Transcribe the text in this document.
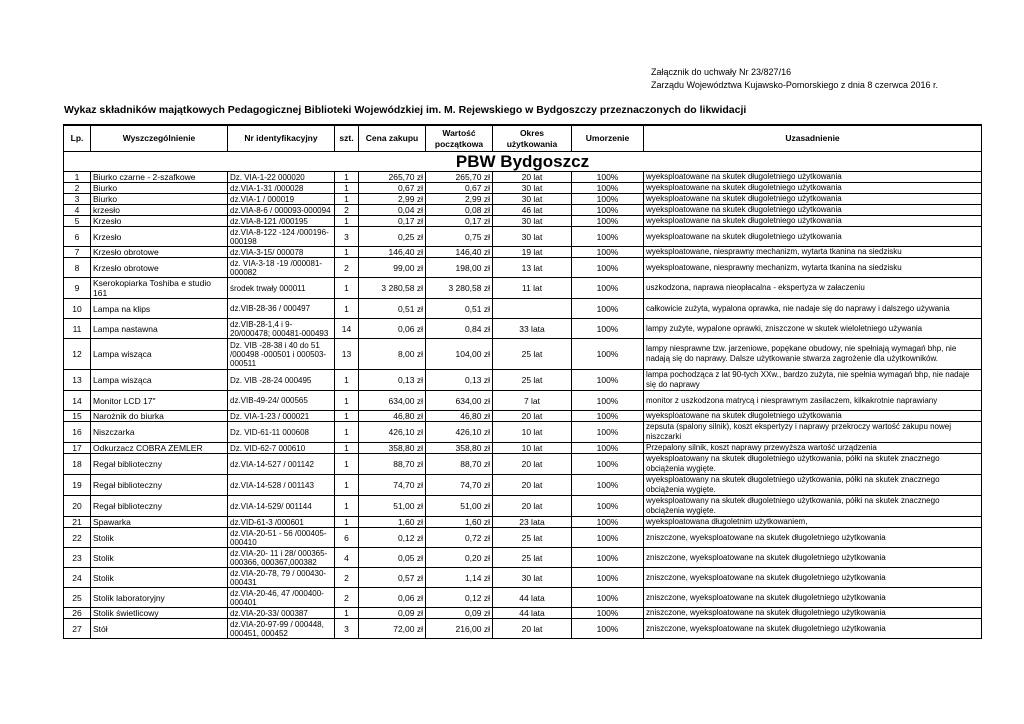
Załącznik do uchwały Nr 23/827/16
Zarządu Województwa Kujawsko-Pomorskiego z dnia 8 czerwca 2016 r.
Wykaz składników majątkowych Pedagogicznej Biblioteki Wojewódzkiej im. M. Rejewskiego w Bydgoszczy przeznaczonych do likwidacji
Lp.	Wyszczególnienie	Nr identyfikacyjny	szt.	Cena zakupu	Wartość początkowa	Okres użytkowania	Umorzenie	Uzasadnienie
PBW Bydgoszcz								
1	Biurko czarne - 2-szafkowe	Dz. VIA-1-22 000020	1	265,70 zł	265,70 zł	20 lat	100%	wyeksploatowane na skutek długoletniego użytkowania
2	Biurko	dz.VIA-1-31 /000028	1	0,67 zł	0,67 zł	30 lat	100%	wyeksploatowane na skutek długoletniego użytkowania
3	Biurko	dz.VIA-1 / 000019	1	2,99 zł	2,99 zł	30 lat	100%	wyeksploatowane na skutek długoletniego użytkowania
4	krzesło	dz.VIA-8-6 / 000093-000094	2	0,04 zł	0,08 zł	46 lat	100%	wyeksploatowane na skutek długoletniego użytkowania
5	Krzesło	dz.VIA-8-121 /000195	1	0,17 zł	0,17 zł	30 lat	100%	wyeksploatowane na skutek długoletniego użytkowania
6	Krzesło	dz.VIA-8-122 -124 /000196-000198	3	0,25 zł	0,75 zł	30 lat	100%	wyeksploatowane na skutek długoletniego użytkowania
7	Krzesło obrotowe	dz.VIA-3-15/ 000078	1	146,40 zł	146,40 zł	19 lat	100%	wyeksploatowane, niesprawny mechanizm, wytarta tkanina na siedzisku
8	Krzesło obrotowe	dz. VIA-3-18 -19 /000081-000082	2	99,00 zł	198,00 zł	13 lat	100%	wyeksploatowane, niesprawny mechanizm, wytarta tkanina na siedzisku
9	Kserokopiarka Toshiba e studio 161	środek trwały 000011	1	3 280,58 zł	3 280,58 zł	11 lat	100%	uszkodzona, naprawa nieopłacalna - ekspertyza w załaczeniu
10	Lampa na klips	dz.VIB-28-36 / 000497	1	0,51 zł	0,51 zł		100%	całkowicie zużyta, wypalona oprawka, nie nadaje się do naprawy i dalszego używania
11	Lampa nastawna	dz.VIB-28-1,4 i 9-20/000478; 000481-000493	14	0,06 zł	0,84 zł	33 lata	100%	lampy zużyte, wypalone oprawki, zniszczone w skutek wieloletniego używania
12	Lampa wisząca	Dz. VIB -28-38 i 40 do 51 /000498 -000501 i 000503-000511	13	8,00 zł	104,00 zł	25 lat	100%	lampy niesprawne tzw. jarzeniowe, popękane obudowy, nie spełniają wymagań bhp, nie nadają się do naprawy. Dalsze użytkowanie stwarza zagrożenie dla użytkowników.
13	Lampa wisząca	Dz. VIB -28-24 000495	1	0,13 zł	0,13 zł	25 lat	100%	lampa pochodząca z lat 90-tych XXw., bardzo zużyta, nie spełnia wymagań bhp, nie nadaje się do naprawy
14	Monitor LCD 17"	dz.VIB-49-24/ 000565	1	634,00 zł	634,00 zł	7 lat	100%	monitor z uszkodzona matrycą i niesprawnym zasilaczem, kilkakrotnie naprawiany
15	Narożnik do biurka	Dz. VIA-1-23 / 000021	1	46,80 zł	46,80 zł	20 lat	100%	wyeksploatowane na skutek długoletniego użytkowania
16	Niszczarka	Dz. VID-61-11 000608	1	426,10 zł	426,10 zł	10 lat	100%	zepsuta (spalony silnik), koszt ekspertyzy i naprawy przekroczy wartość zakupu nowej niszczarki
17	Odkurzacz COBRA ZEMLER	Dz. VID-62-7 000610	1	358,80 zł	358,80 zł	10 lat	100%	Przepalony silnik, koszt naprawy przewyższa wartość urządzenia
18	Regał biblioteczny	dz.VIA-14-527 / 001142	1	88,70 zł	88,70 zł	20 lat	100%	wyeksploatowany na skutek długoletniego użytkowania, półki na skutek znacznego obciążenia wygięte.
19	Regał biblioteczny	dz.VIA-14-528 / 001143	1	74,70 zł	74,70 zł	20 lat	100%	wyeksploatowany na skutek długoletniego użytkowania, półki na skutek znacznego obciążenia wygięte.
20	Regał biblioteczny	dz.VIA-14-529/ 001144	1	51,00 zł	51,00 zł	20 lat	100%	wyeksploatowany na skutek długoletniego użytkowania, półki na skutek znacznego obciążenia wygięte.
21	Spawarka	dz.VID-61-3 /000601	1	1,60 zł	1,60 zł	23 lata	100%	wyeksploatowana długoletnim użytkowaniem,
22	Stolik	dz.VIA-20-51 - 56 /000405-000410	6	0,12 zł	0,72 zł	25 lat	100%	zniszczone, wyeksploatowane na skutek długoletniego użytkowania
23	Stolik	dz.VIA-20- 11 i 28/ 000365-000366, 000367,000382	4	0,05 zł	0,20 zł	25 lat	100%	zniszczone, wyeksploatowane na skutek długoletniego użytkowania
24	Stolik	dz.VIA-20-78, 79 / 000430-000431	2	0,57 zł	1,14 zł	30 lat	100%	zniszczone, wyeksploatowane na skutek długoletniego użytkowania
25	Stolik laboratoryjny	dz.VIA-20-46, 47 /000400-000401	2	0,06 zł	0,12 zł	44 lata	100%	zniszczone, wyeksploatowane na skutek długoletniego użytkowania
26	Stolik świetlicowy	dz.VIA-20-33/ 000387	1	0,09 zł	0,09 zł	44 lata	100%	zniszczone, wyeksploatowane na skutek długoletniego użytkowania
27	Stół	dz.VIA-20-97-99 / 000448, 000451, 000452	3	72,00 zł	216,00 zł	20 lat	100%	zniszczone, wyeksploatowane na skutek długoletniego użytkowania
